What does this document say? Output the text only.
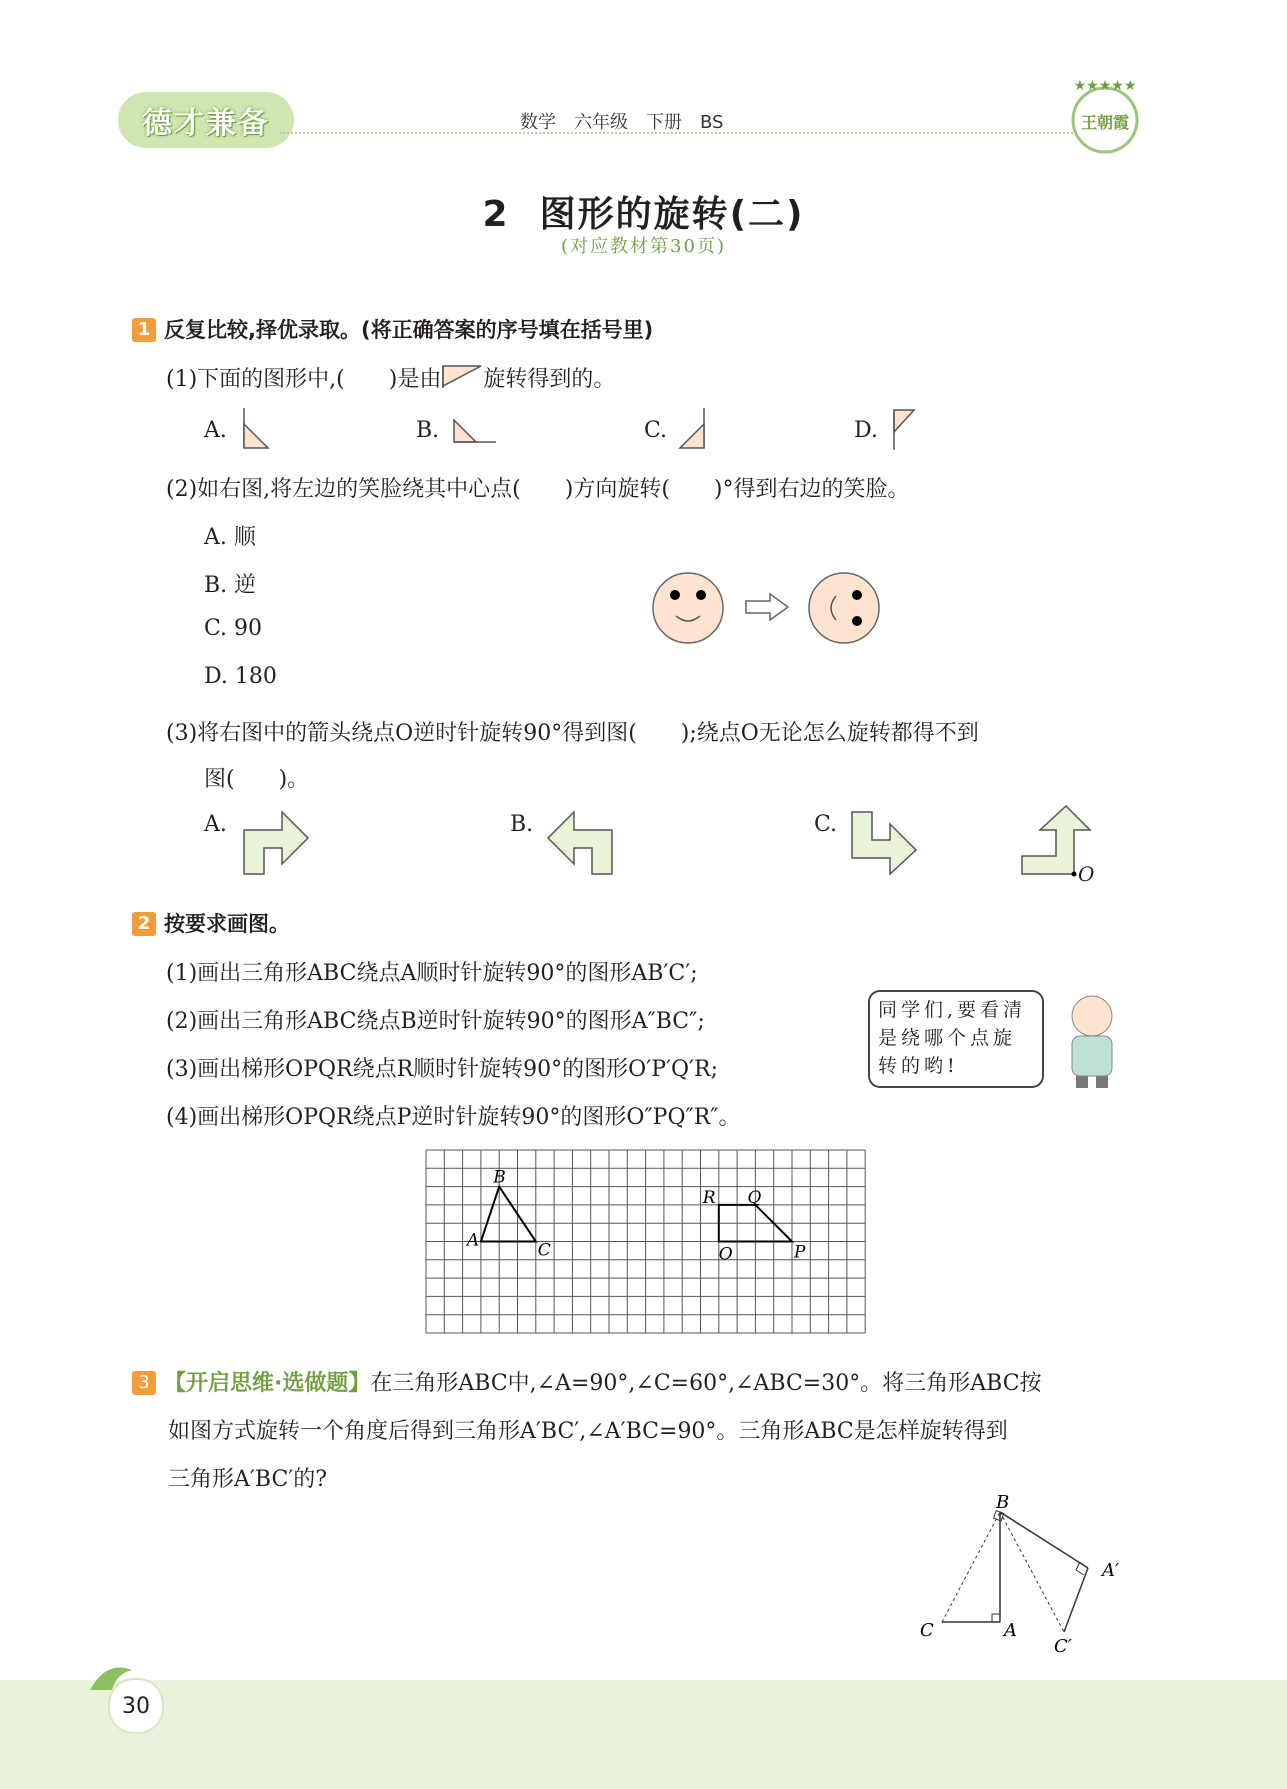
德才兼备	数学　六年级　下册　BS
★★★★★
王朝霞
2 图形的旋转(二)
(对应教材第30页)
1 反复比较,择优录取。(将正确答案的序号填在括号里)
(1)下面的图形中,(　　)是由 旋转得到的。
A.	B.	C.	D.
(2)如右图,将左边的笑脸绕其中心点(　　)方向旋转(　　)°得到右边的笑脸。
A. 顺
B. 逆
C. 90
D. 180
(3)将右图中的箭头绕点O逆时针旋转90°得到图(　　);绕点O无论怎么旋转都得不到
图(　　)。
A.	B.	C.
O
2 按要求画图。
(1)画出三角形ABC绕点A顺时针旋转90°的图形AB′C′;
(2)画出三角形ABC绕点B逆时针旋转90°的图形A″BC″;
(3)画出梯形OPQR绕点R顺时针旋转90°的图形O′P′Q′R;
(4)画出梯形OPQR绕点P逆时针旋转90°的图形O″PQ″R″。
同学们,要看清是绕哪个点旋转的哟!
A
B
C	O	P
Q
R
3 【开启思维·选做题】在三角形ABC中,∠A=90°,∠C=60°,∠ABC=30°。将三角形ABC按
如图方式旋转一个角度后得到三角形A′BC′,∠A′BC=90°。三角形ABC是怎样旋转得到
三角形A′BC′的?
B
A′
C	A
C′
30
